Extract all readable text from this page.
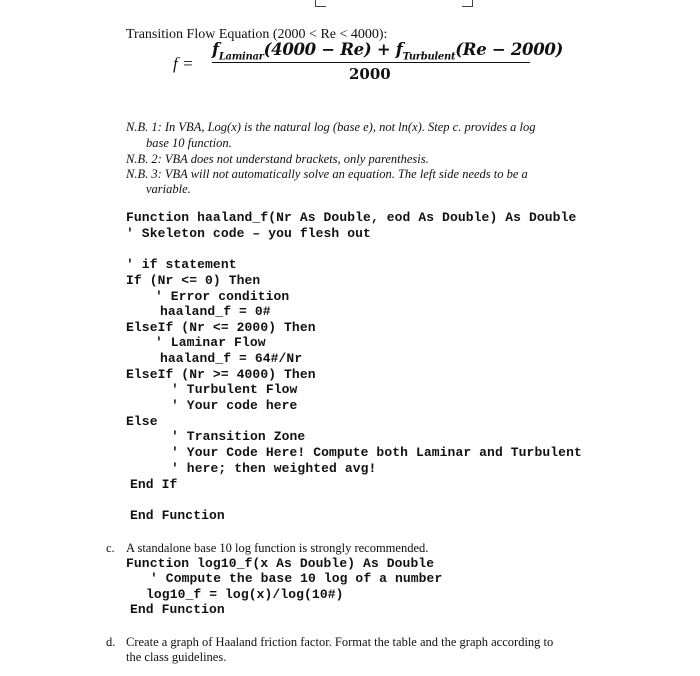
Transition Flow Equation (2000 < Re < 4000):
f =
$f_{Laminar}(4000 - Re) + f_{Turbulent}(Re - 2000)$
2000
N.B. 1: In VBA, Log(x) is the natural log (base e), not ln(x). Step c. provides a log
base 10 function.
N.B. 2: VBA does not understand brackets, only parenthesis.
N.B. 3: VBA will not automatically solve an equation. The left side needs to be a
variable.
Function haaland_f(Nr As Double, eod As Double) As Double
' Skeleton code – you flesh out
' if statement
If (Nr <= 0) Then
' Error condition
haaland_f = 0#
ElseIf (Nr <= 2000) Then
' Laminar Flow
haaland_f = 64#/Nr
ElseIf (Nr >= 4000) Then
' Turbulent Flow
' Your code here
Else
' Transition Zone
' Your Code Here! Compute both Laminar and Turbulent
' here; then weighted avg!
End If
End Function
c. A standalone base 10 log function is strongly recommended.
Function log10_f(x As Double) As Double
' Compute the base 10 log of a number
log10_f = log(x)/log(10#)
End Function
d. Create a graph of Haaland friction factor. Format the table and the graph according to
the class guidelines.
